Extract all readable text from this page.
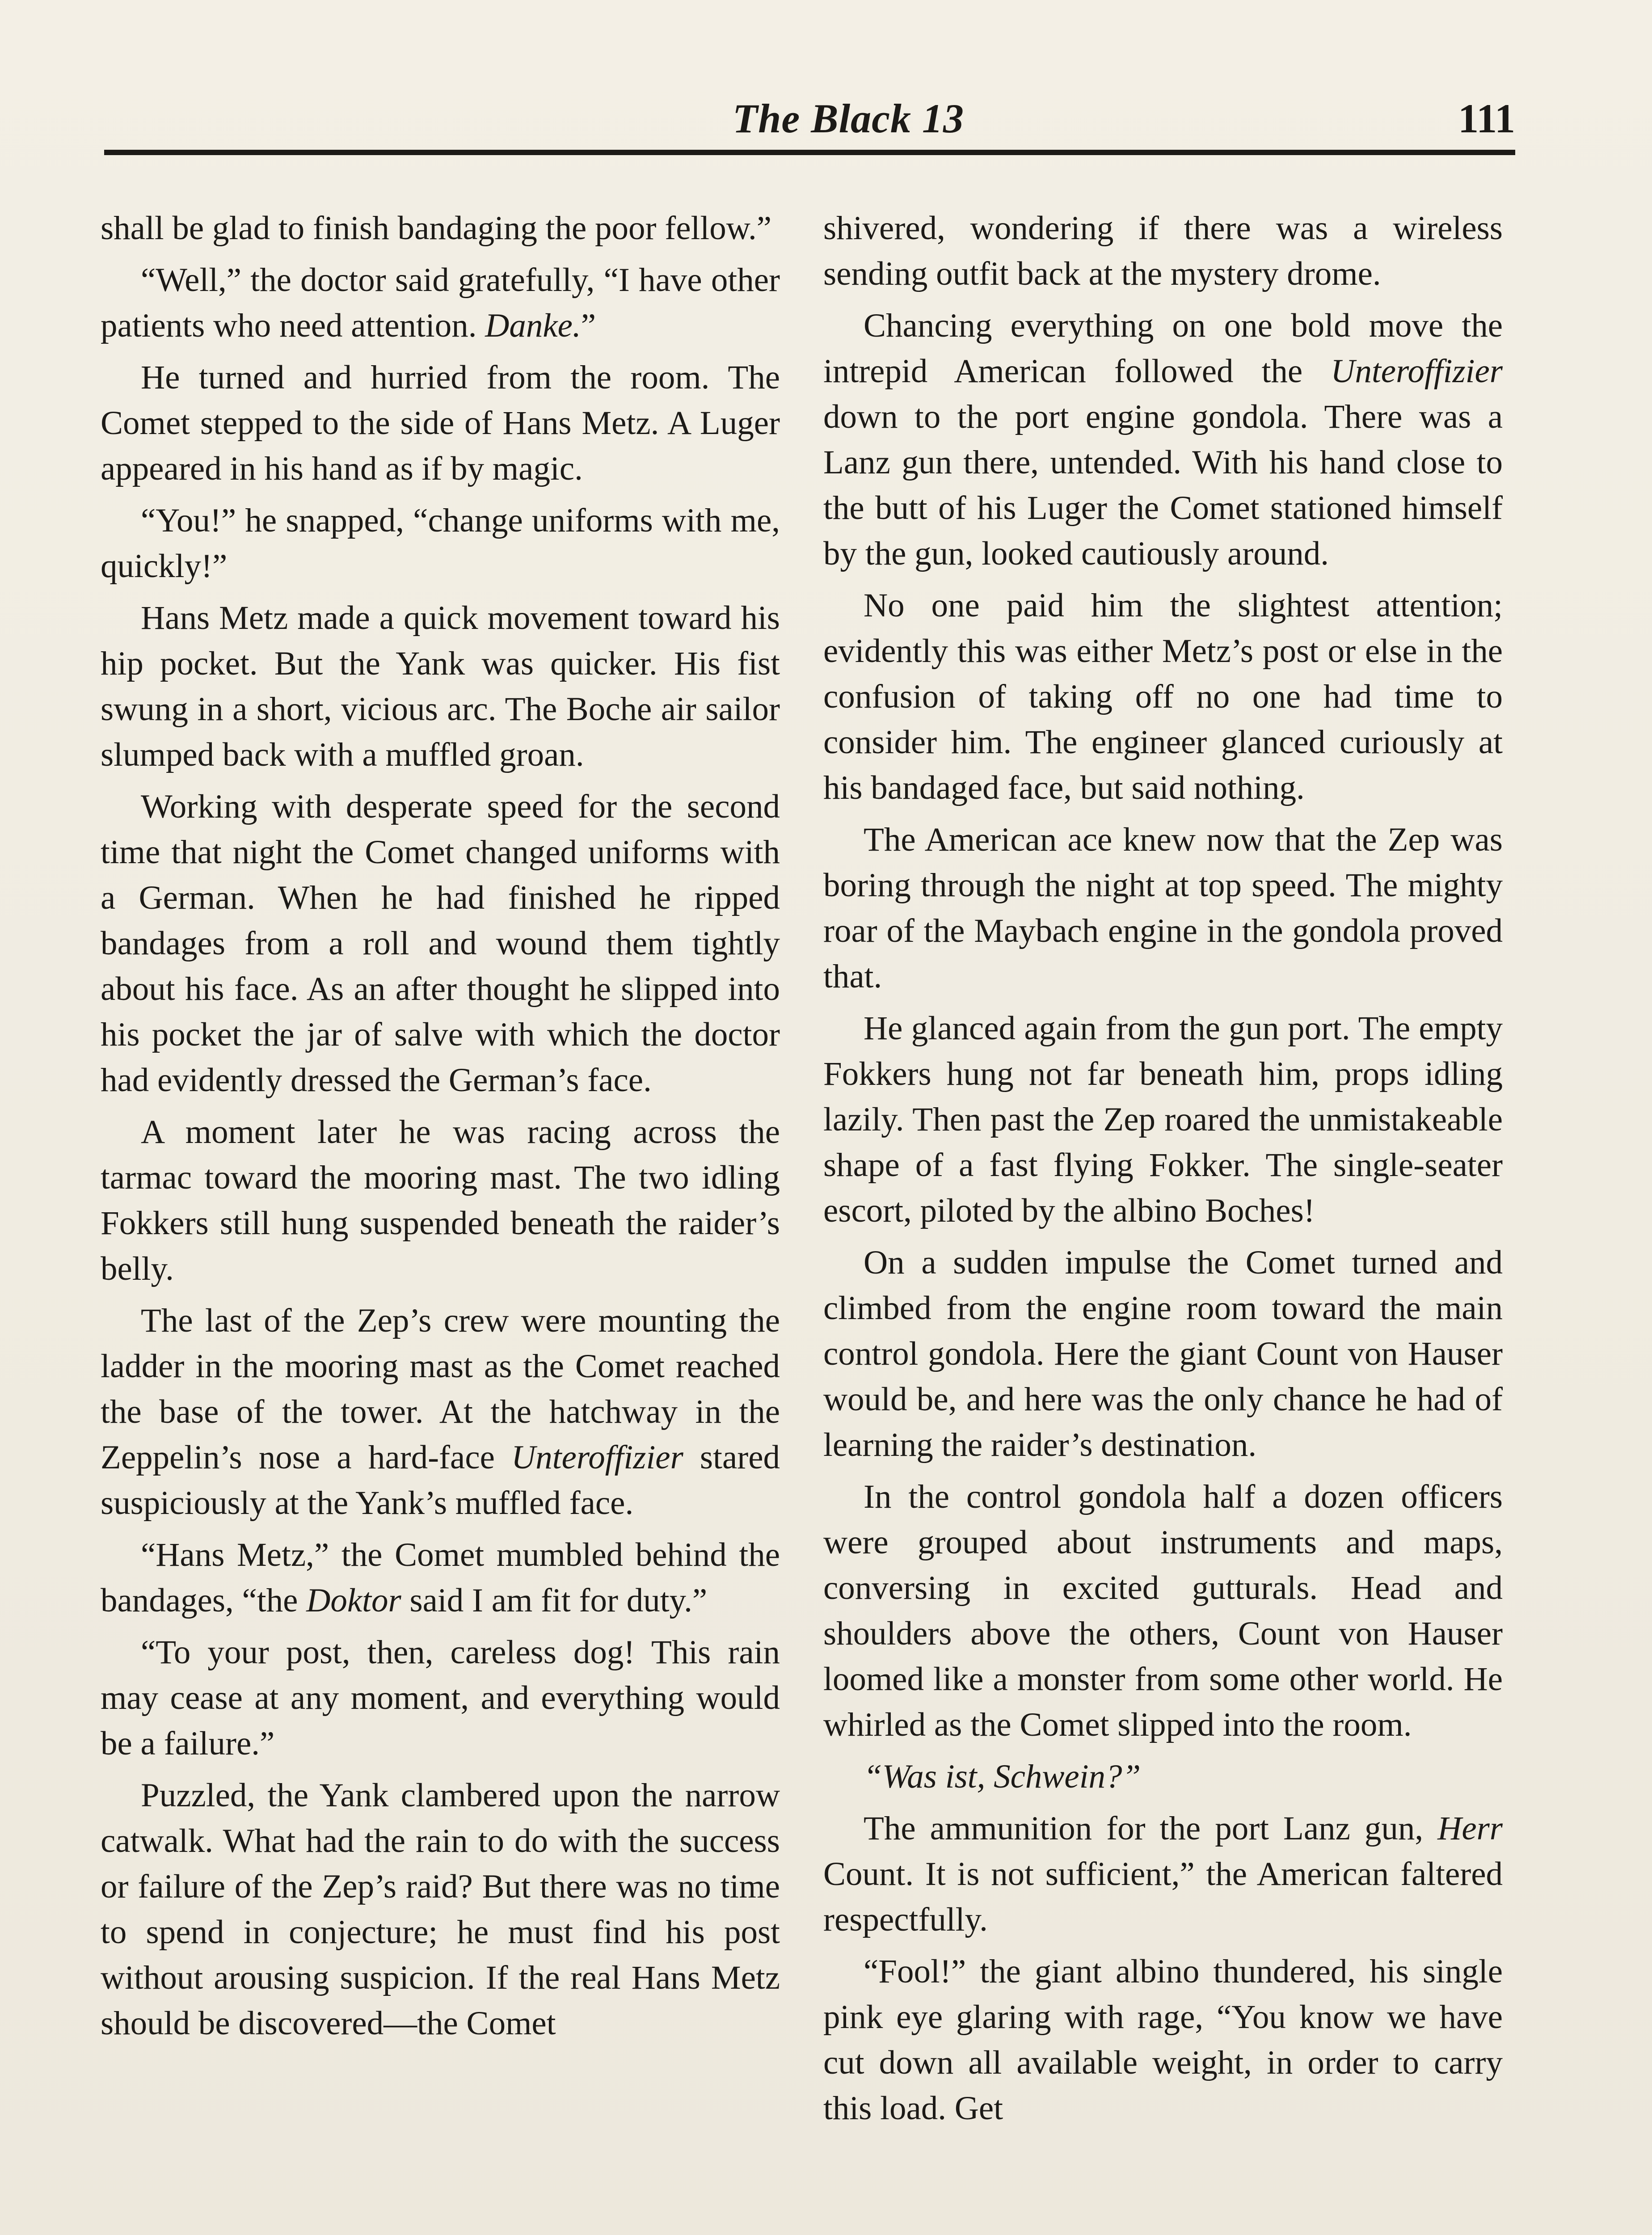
The Black 13	111

shall be glad to finish bandaging the poor fellow.”

“Well,” the doctor said gratefully, “I have other patients who need attention. Danke.”

He turned and hurried from the room. The Comet stepped to the side of Hans Metz. A Luger appeared in his hand as if by magic.

“You!” he snapped, “change uniforms with me, quickly!”

Hans Metz made a quick movement toward his hip pocket. But the Yank was quicker. His fist swung in a short, vicious arc. The Boche air sailor slumped back with a muffled groan.

Working with desperate speed for the second time that night the Comet changed uniforms with a German. When he had finished he ripped bandages from a roll and wound them tightly about his face. As an after thought he slipped into his pocket the jar of salve with which the doctor had evidently dressed the German’s face.

A moment later he was racing across the tarmac toward the mooring mast. The two idling Fokkers still hung suspended beneath the raider’s belly.

The last of the Zep’s crew were mounting the ladder in the mooring mast as the Comet reached the base of the tower. At the hatchway in the Zeppelin’s nose a hard-face Unteroffizier stared suspiciously at the Yank’s muffled face.

“Hans Metz,” the Comet mumbled behind the bandages, “the Doktor said I am fit for duty.”

“To your post, then, careless dog! This rain may cease at any moment, and everything would be a failure.”

Puzzled, the Yank clambered upon the narrow catwalk. What had the rain to do with the success or failure of the Zep’s raid? But there was no time to spend in conjecture; he must find his post without arousing suspicion. If the real Hans Metz should be discovered—the Comet

shivered, wondering if there was a wireless sending outfit back at the mystery drome.

Chancing everything on one bold move the intrepid American followed the Unteroffizier down to the port engine gondola. There was a Lanz gun there, untended. With his hand close to the butt of his Luger the Comet stationed himself by the gun, looked cautiously around.

No one paid him the slightest attention; evidently this was either Metz’s post or else in the confusion of taking off no one had time to consider him. The engineer glanced curiously at his bandaged face, but said nothing.

The American ace knew now that the Zep was boring through the night at top speed. The mighty roar of the Maybach engine in the gondola proved that.

He glanced again from the gun port. The empty Fokkers hung not far beneath him, props idling lazily. Then past the Zep roared the unmistakeable shape of a fast flying Fokker. The single-seater escort, piloted by the albino Boches!

On a sudden impulse the Comet turned and climbed from the engine room toward the main control gondola. Here the giant Count von Hauser would be, and here was the only chance he had of learning the raider’s destination.

In the control gondola half a dozen officers were grouped about instruments and maps, conversing in excited gutturals. Head and shoulders above the others, Count von Hauser loomed like a monster from some other world. He whirled as the Comet slipped into the room.

“Was ist, Schwein?”

The ammunition for the port Lanz gun, Herr Count. It is not sufficient,” the American faltered respectfully.

“Fool!” the giant albino thundered, his single pink eye glaring with rage, “You know we have cut down all available weight, in order to carry this load. Get
